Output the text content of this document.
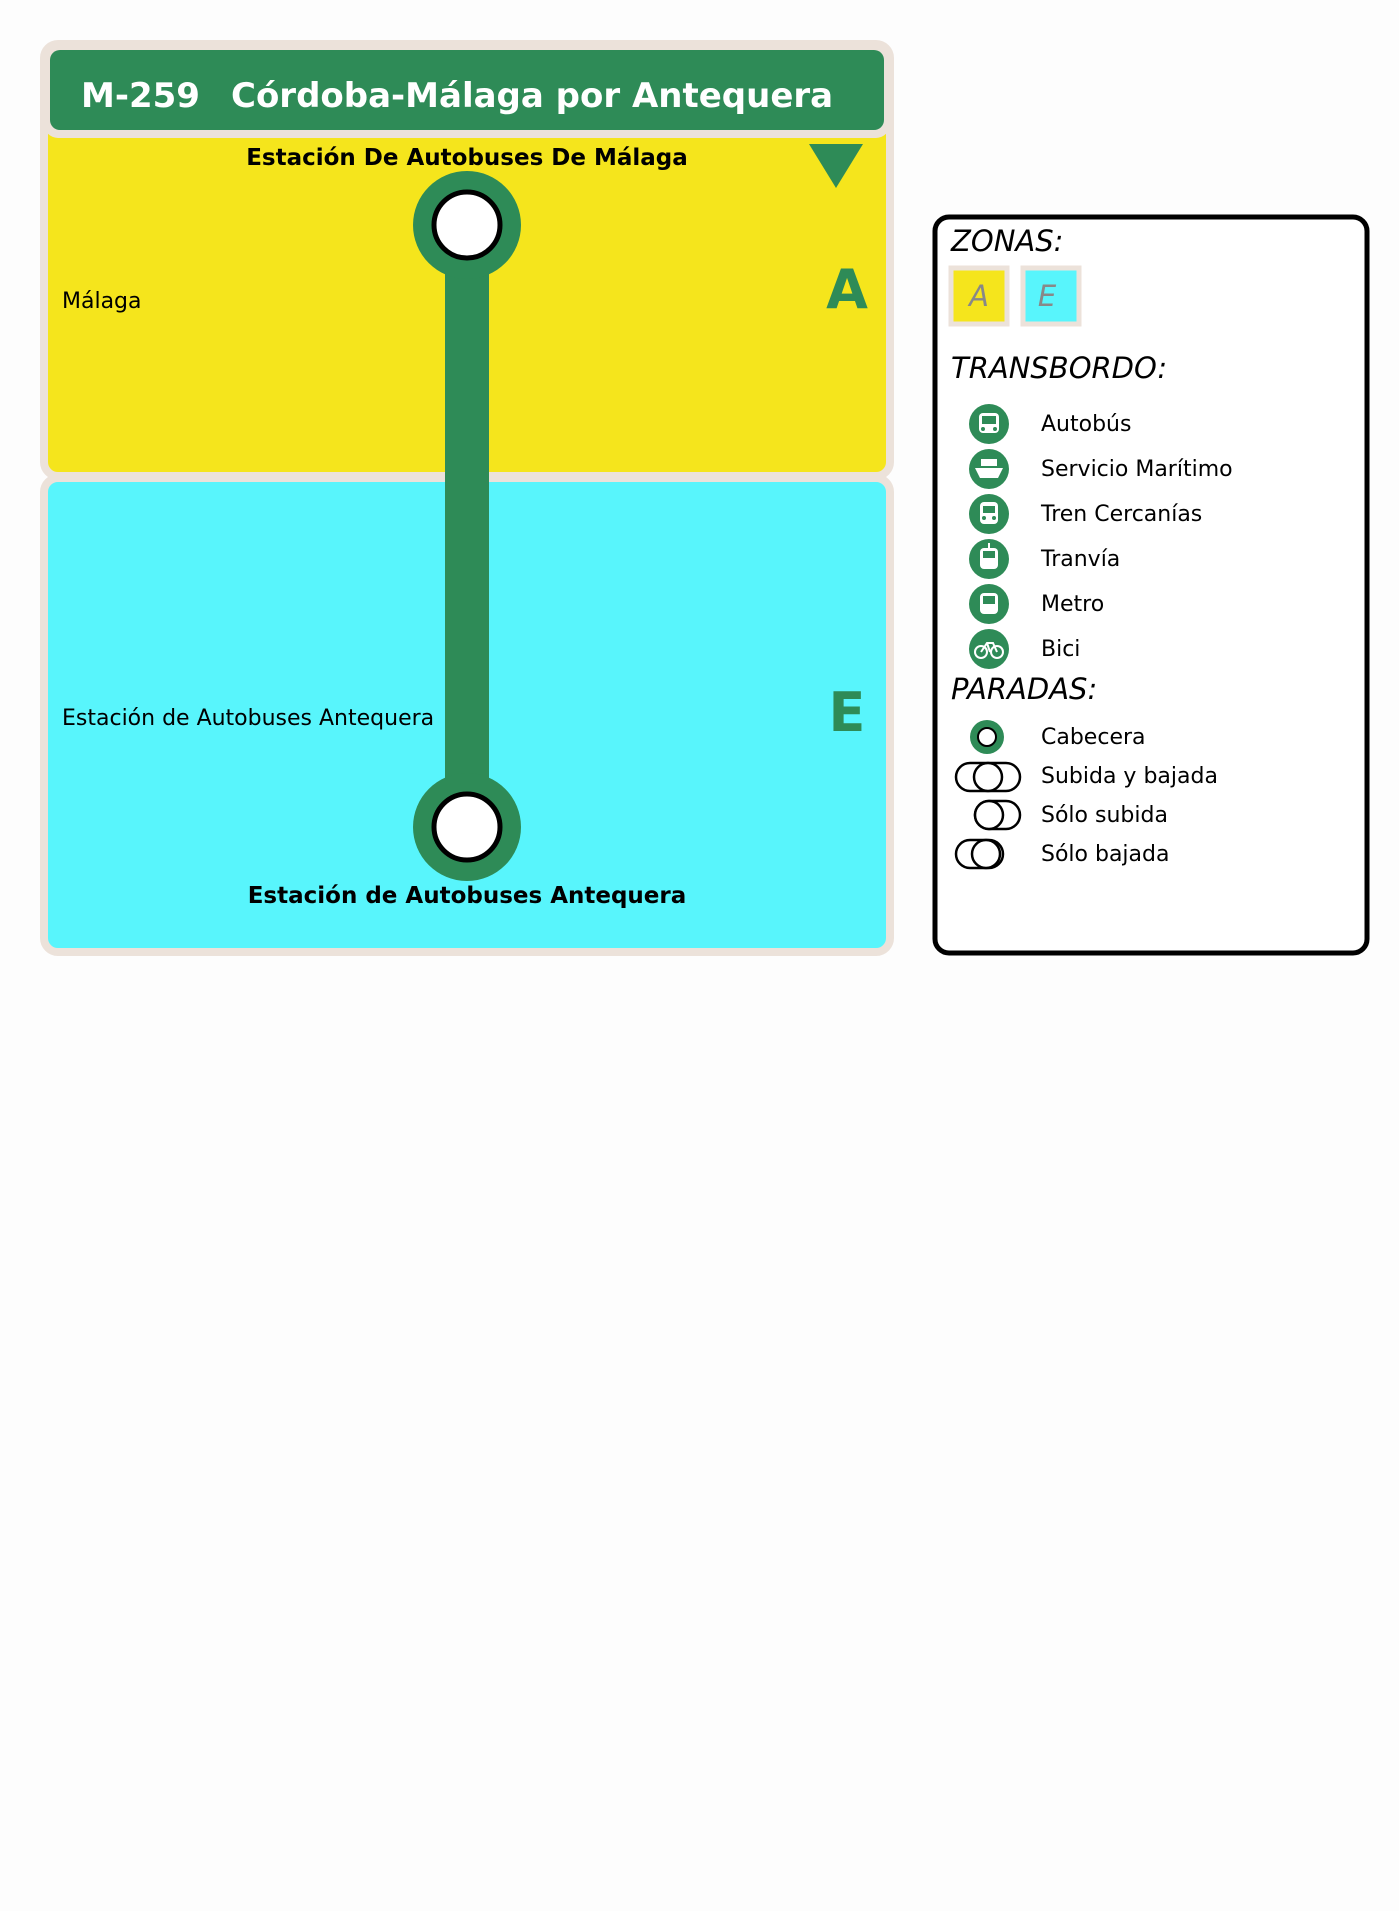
M-259 Córdoba-Málaga por Antequera
A
E
Málaga
Estación de Autobuses Antequera
Estación De Autobuses De Málaga
Estación de Autobuses Antequera
ZONAS:
A E
TRANSBORDO:
Autobús
Servicio Marítimo
Tren Cercanías
Tranvía
Metro
Bici
PARADAS:
Cabecera
Subida y bajada
Sólo subida
Sólo bajada
